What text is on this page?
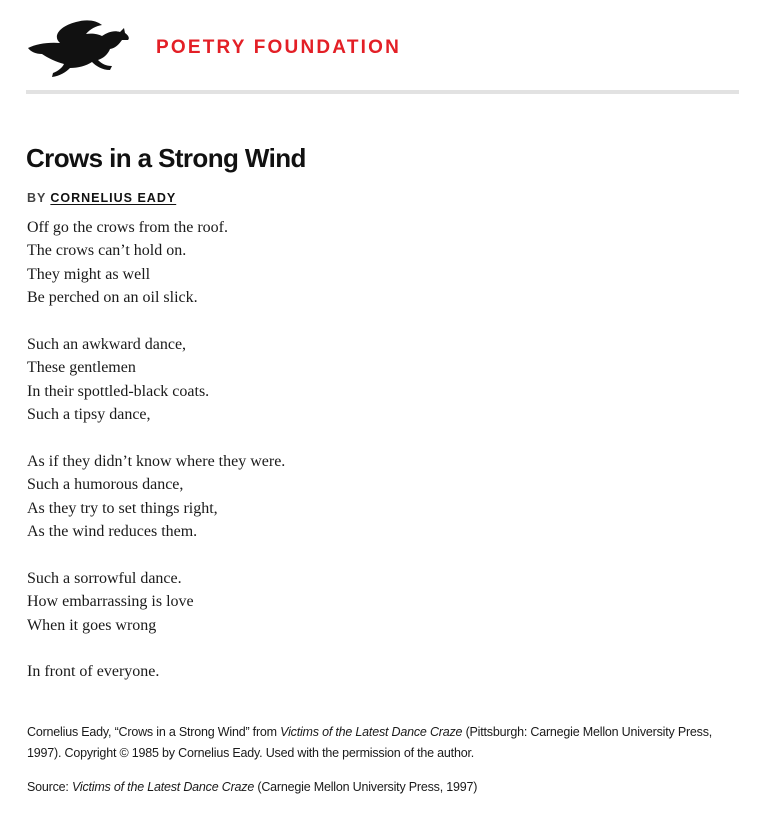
POETRY FOUNDATION
Crows in a Strong Wind
BY CORNELIUS EADY
Off go the crows from the roof.
The crows can’t hold on.
They might as well
Be perched on an oil slick.
Such an awkward dance,
These gentlemen
In their spottled-black coats.
Such a tipsy dance,
As if they didn’t know where they were.
Such a humorous dance,
As they try to set things right,
As the wind reduces them.
Such a sorrowful dance.
How embarrassing is love
When it goes wrong
In front of everyone.
Cornelius Eady, “Crows in a Strong Wind” from Victims of the Latest Dance Craze (Pittsburgh: Carnegie Mellon University Press, 1997). Copyright © 1985 by Cornelius Eady. Used with the permission of the author.
Source: Victims of the Latest Dance Craze (Carnegie Mellon University Press, 1997)
